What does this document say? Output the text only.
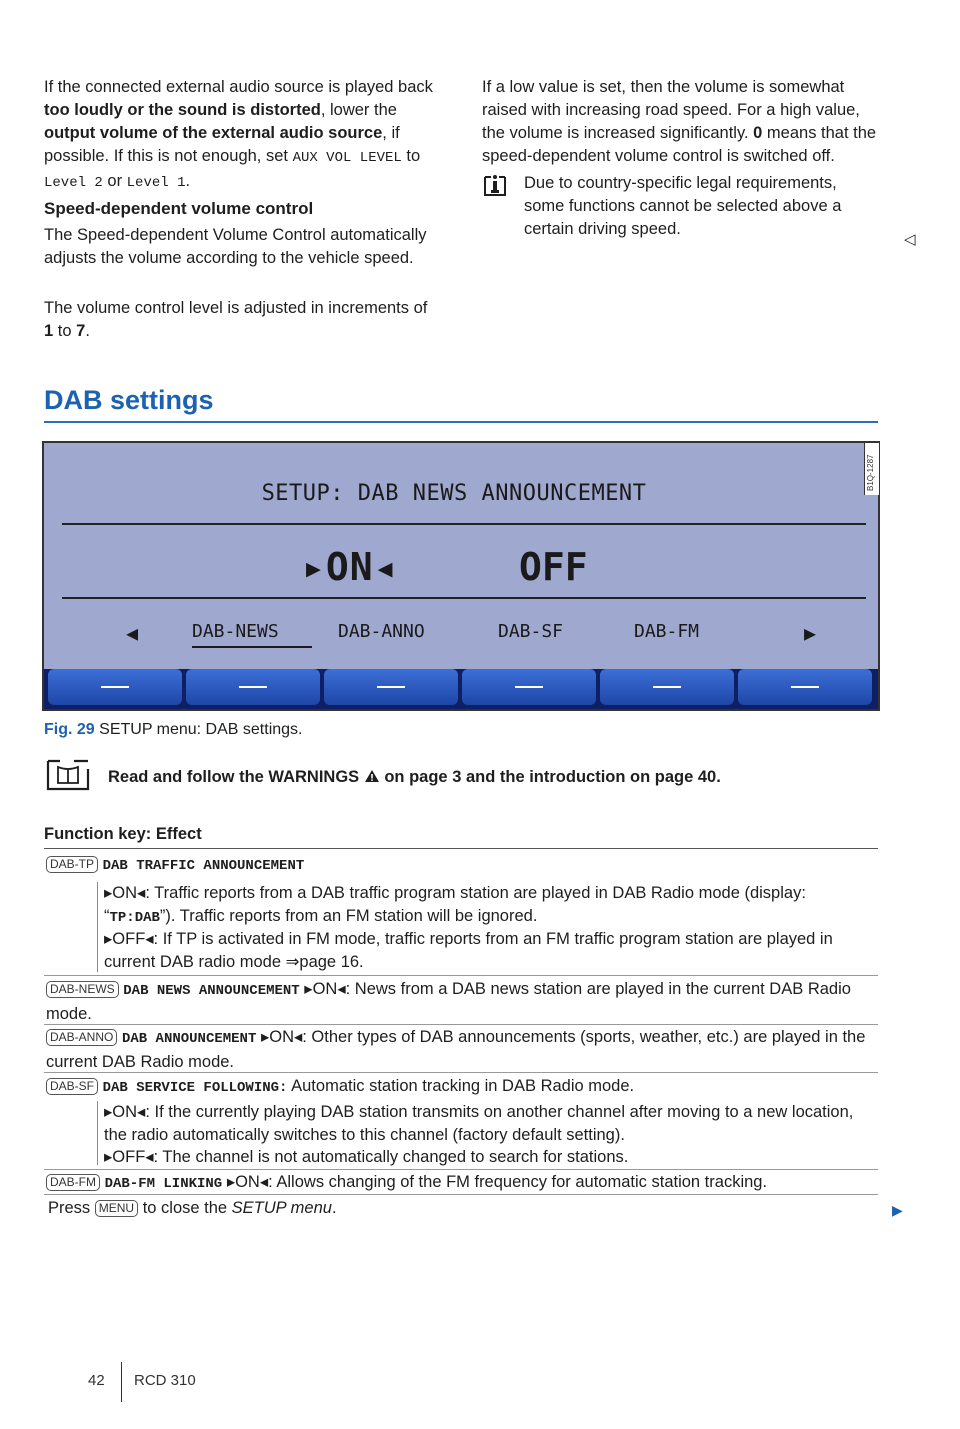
If the connected external audio source is played back too loudly or the sound is distorted, lower the output volume of the external audio source, if possible. If this is not enough, set AUX VOL LEVEL to Level 2 or Level 1.
Speed-dependent volume control

The Speed-dependent Volume Control automatically adjusts the volume according to the vehicle speed.

The volume control level is adjusted in increments of 1 to 7.

If a low value is set, then the volume is somewhat raised with increasing road speed. For a high value, the volume is increased significantly. 0 means that the speed-dependent volume control is switched off.

Due to country-specific legal requirements, some functions cannot be selected above a certain driving speed.

◁
DAB settings
SETUP: DAB NEWS ANNOUNCEMENT
▸ON◂	OFF
◀	DAB-NEWS	DAB-ANNO	DAB-SF	DAB-FM	▶
B1Q-1287

Fig. 29 SETUP menu: DAB settings.

Read and follow the WARNINGS  on page 3 and the introduction on page 40.

Function key: Effect

DAB-TP DAB TRAFFIC ANNOUNCEMENT

▸ON◂: Traffic reports from a DAB traffic program station are played in DAB Radio mode (display: “TP:DAB”). Traffic reports from an FM station will be ignored.

▸OFF◂: If TP is activated in FM mode, traffic reports from an FM traffic program station are played in current DAB radio mode ⇒page 16.

DAB-NEWS DAB NEWS ANNOUNCEMENT ▸ON◂: News from a DAB news station are played in the current DAB Radio mode.

DAB-ANNO DAB ANNOUNCEMENT ▸ON◂: Other types of DAB announcements (sports, weather, etc.) are played in the current DAB Radio mode.

DAB-SF DAB SERVICE FOLLOWING: Automatic station tracking in DAB Radio mode.

▸ON◂: If the currently playing DAB station transmits on another channel after moving to a new location, the radio automatically switches to this channel (factory default setting).

▸OFF◂: The channel is not automatically changed to search for stations.

DAB-FM DAB-FM LINKING ▸ON◂: Allows changing of the FM frequency for automatic station tracking.

Press MENU to close the SETUP menu.	▶
42 RCD 310
